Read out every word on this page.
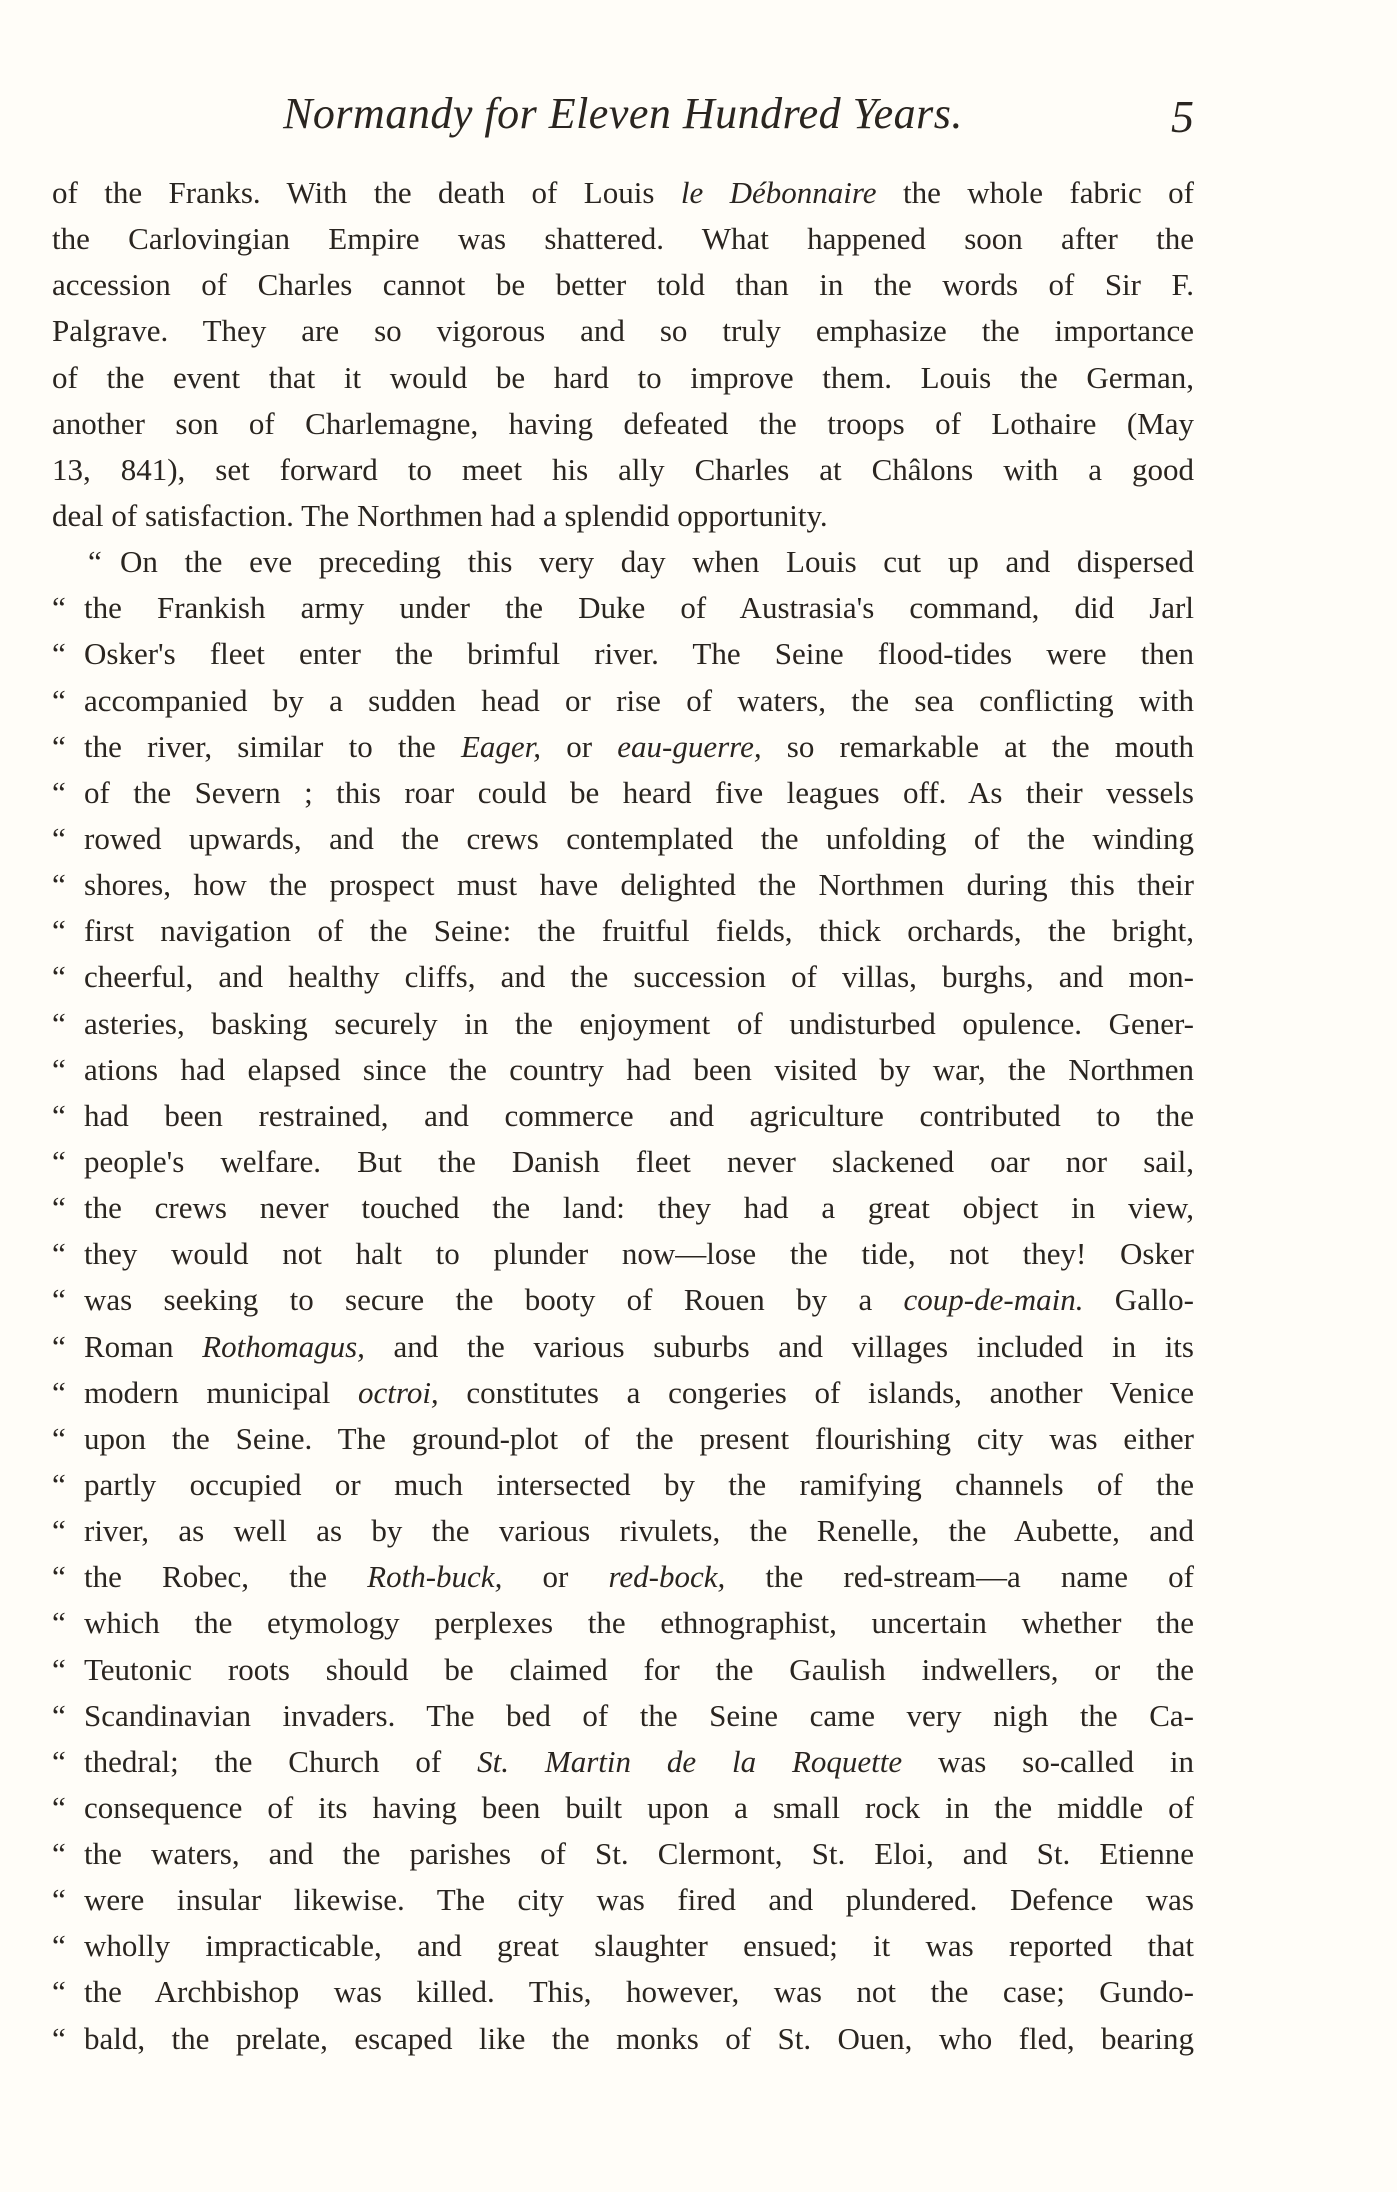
Normandy for Eleven Hundred Years.	5
of the Franks. With the death of Louis le Débonnaire the whole fabric of
the Carlovingian Empire was shattered. What happened soon after the
accession of Charles cannot be better told than in the words of Sir F.
Palgrave. They are so vigorous and so truly emphasize the importance
of the event that it would be hard to improve them. Louis the German,
another son of Charlemagne, having defeated the troops of Lothaire (May
13, 841), set forward to meet his ally Charles at Châlons with a good
deal of satisfaction. The Northmen had a splendid opportunity.
“ On the eve preceding this very day when Louis cut up and dispersed
“ the Frankish army under the Duke of Austrasia's command, did Jarl
“ Osker's fleet enter the brimful river. The Seine flood-tides were then
“ accompanied by a sudden head or rise of waters, the sea conflicting with
“ the river, similar to the Eager, or eau-guerre, so remarkable at the mouth
“ of the Severn ; this roar could be heard five leagues off. As their vessels
“ rowed upwards, and the crews contemplated the unfolding of the winding
“ shores, how the prospect must have delighted the Northmen during this their
“ first navigation of the Seine: the fruitful fields, thick orchards, the bright,
“ cheerful, and healthy cliffs, and the succession of villas, burghs, and mon-
“ asteries, basking securely in the enjoyment of undisturbed opulence. Gener-
“ ations had elapsed since the country had been visited by war, the Northmen
“ had been restrained, and commerce and agriculture contributed to the
“ people's welfare. But the Danish fleet never slackened oar nor sail,
“ the crews never touched the land: they had a great object in view,
“ they would not halt to plunder now—lose the tide, not they! Osker
“ was seeking to secure the booty of Rouen by a coup-de-main. Gallo-
“ Roman Rothomagus, and the various suburbs and villages included in its
“ modern municipal octroi, constitutes a congeries of islands, another Venice
“ upon the Seine. The ground-plot of the present flourishing city was either
“ partly occupied or much intersected by the ramifying channels of the
“ river, as well as by the various rivulets, the Renelle, the Aubette, and
“ the Robec, the Roth-buck, or red-bock, the red-stream—a name of
“ which the etymology perplexes the ethnographist, uncertain whether the
“ Teutonic roots should be claimed for the Gaulish indwellers, or the
“ Scandinavian invaders. The bed of the Seine came very nigh the Ca-
“ thedral; the Church of St. Martin de la Roquette was so-called in
“ consequence of its having been built upon a small rock in the middle of
“ the waters, and the parishes of St. Clermont, St. Eloi, and St. Etienne
“ were insular likewise. The city was fired and plundered. Defence was
“ wholly impracticable, and great slaughter ensued; it was reported that
“ the Archbishop was killed. This, however, was not the case; Gundo-
“ bald, the prelate, escaped like the monks of St. Ouen, who fled, bearing
